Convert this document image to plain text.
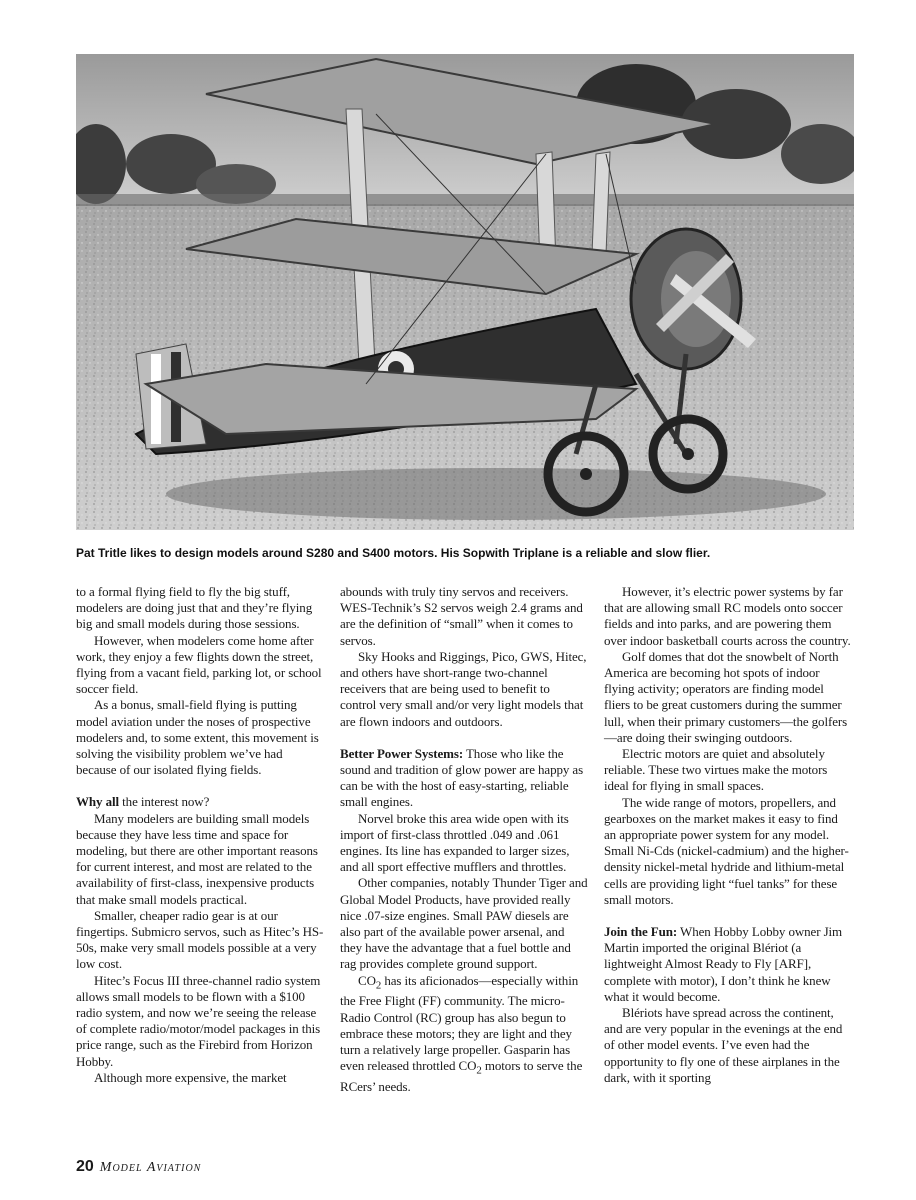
Pat Tritle likes to design models around S280 and S400 motors. His Sopwith Triplane is a reliable and slow flier.

to a formal flying field to fly the big stuff, modelers are doing just that and they’re flying big and small models during those sessions.

However, when modelers come home after work, they enjoy a few flights down the street, flying from a vacant field, parking lot, or school soccer field.

As a bonus, small-field flying is putting model aviation under the noses of prospective modelers and, to some extent, this movement is solving the visibility problem we’ve had because of our isolated flying fields.

Why all the interest now?

Many modelers are building small models because they have less time and space for modeling, but there are other important reasons for current interest, and most are related to the availability of first-class, inexpensive products that make small models practical.

Smaller, cheaper radio gear is at our fingertips. Submicro servos, such as Hitec’s HS-50s, make very small models possible at a very low cost.

Hitec’s Focus III three-channel radio system allows small models to be flown with a $100 radio system, and now we’re seeing the release of complete radio/motor/model packages in this price range, such as the Firebird from Horizon Hobby.

Although more expensive, the market

abounds with truly tiny servos and receivers. WES-Technik’s S2 servos weigh 2.4 grams and are the definition of “small” when it comes to servos.

Sky Hooks and Riggings, Pico, GWS, Hitec, and others have short-range two-channel receivers that are being used to benefit to control very small and/or very light models that are flown indoors and outdoors.

Better Power Systems: Those who like the sound and tradition of glow power are happy as can be with the host of easy-starting, reliable small engines.

Norvel broke this area wide open with its import of first-class throttled .049 and .061 engines. Its line has expanded to larger sizes, and all sport effective mufflers and throttles.

Other companies, notably Thunder Tiger and Global Model Products, have provided really nice .07-size engines. Small PAW diesels are also part of the available power arsenal, and they have the advantage that a fuel bottle and rag provides complete ground support.

$CO_2$ has its aficionados—especially within the Free Flight (FF) community. The micro-Radio Control (RC) group has also begun to embrace these motors; they are light and they turn a relatively large propeller. Gasparin has even released throttled $CO_2$ motors to serve the RCers’ needs.

However, it’s electric power systems by far that are allowing small RC models onto soccer fields and into parks, and are powering them over indoor basketball courts across the country.

Golf domes that dot the snowbelt of North America are becoming hot spots of indoor flying activity; operators are finding model fliers to be great customers during the summer lull, when their primary customers—the golfers—are doing their swinging outdoors.

Electric motors are quiet and absolutely reliable. These two virtues make the motors ideal for flying in small spaces.

The wide range of motors, propellers, and gearboxes on the market makes it easy to find an appropriate power system for any model. Small Ni-Cds (nickel-cadmium) and the higher-density nickel-metal hydride and lithium-metal cells are providing light “fuel tanks” for these small motors.

Join the Fun: When Hobby Lobby owner Jim Martin imported the original Blériot (a lightweight Almost Ready to Fly [ARF], complete with motor), I don’t think he knew what it would become.

Blériots have spread across the continent, and are very popular in the evenings at the end of other model events. I’ve even had the opportunity to fly one of these airplanes in the dark, with it sporting

20 Model Aviation
